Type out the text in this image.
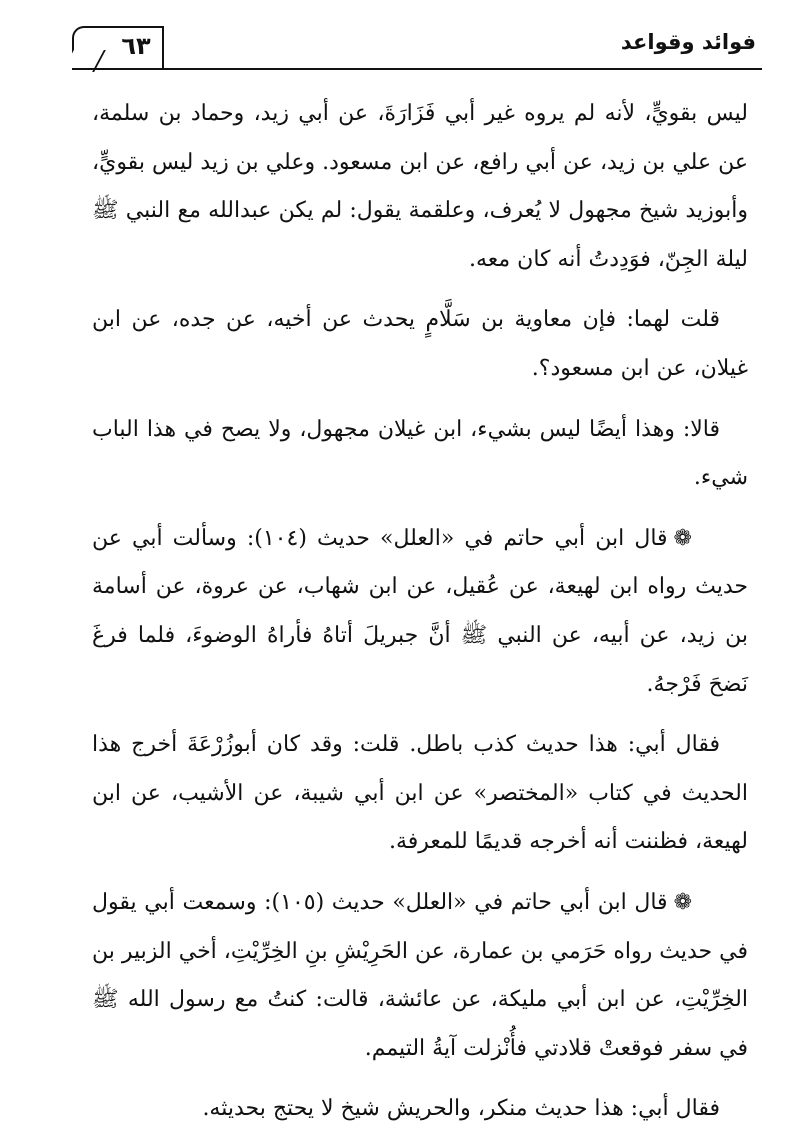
٦٣	فوائد وقواعد

ليس بقويٍّ، لأنه لم يروه غير أبي فَزَارَةَ، عن أبي زيد، وحماد بن سلمة، عن علي بن زيد، عن أبي رافع، عن ابن مسعود. وعلي بن زيد ليس بقويٍّ، وأبوزيد شيخ مجهول لا يُعرف، وعلقمة يقول: لم يكن عبدالله مع النبي ﷺ ليلة الجِنّ، فوَدِدتُ أنه كان معه.

قلت لهما: فإن معاوية بن سَلَّامٍ يحدث عن أخيه، عن جده، عن ابن غيلان، عن ابن مسعود؟.

قالا: وهذا أيضًا ليس بشيء، ابن غيلان مجهول، ولا يصح في هذا الباب شيء.

❁قال ابن أبي حاتم في «العلل» حديث (١٠٤): وسألت أبي عن حديث رواه ابن لهيعة، عن عُقيل، عن ابن شهاب، عن عروة، عن أسامة بن زيد، عن أبيه، عن النبي ﷺ أنَّ جبريلَ أتاهُ فأراهُ الوضوءَ، فلما فرغَ نَضحَ فَرْجهُ.

فقال أبي: هذا حديث كذب باطل. قلت: وقد كان أبوزُرْعَةَ أخرج هذا الحديث في كتاب «المختصر» عن ابن أبي شيبة، عن الأشيب، عن ابن لهيعة، فظننت أنه أخرجه قديمًا للمعرفة.

❁قال ابن أبي حاتم في «العلل» حديث (١٠٥): وسمعت أبي يقول في حديث رواه حَرَمي بن عمارة، عن الحَرِيْشِ بنِ الخِرِّيْتِ، أخي الزبير بن الخِرِّيْتِ، عن ابن أبي مليكة، عن عائشة، قالت: كنتُ مع رسول الله ﷺ في سفر فوقعتْ قلادتي فأُنْزلت آيةُ التيمم.

فقال أبي: هذا حديث منكر، والحريش شيخ لا يحتج بحديثه.
